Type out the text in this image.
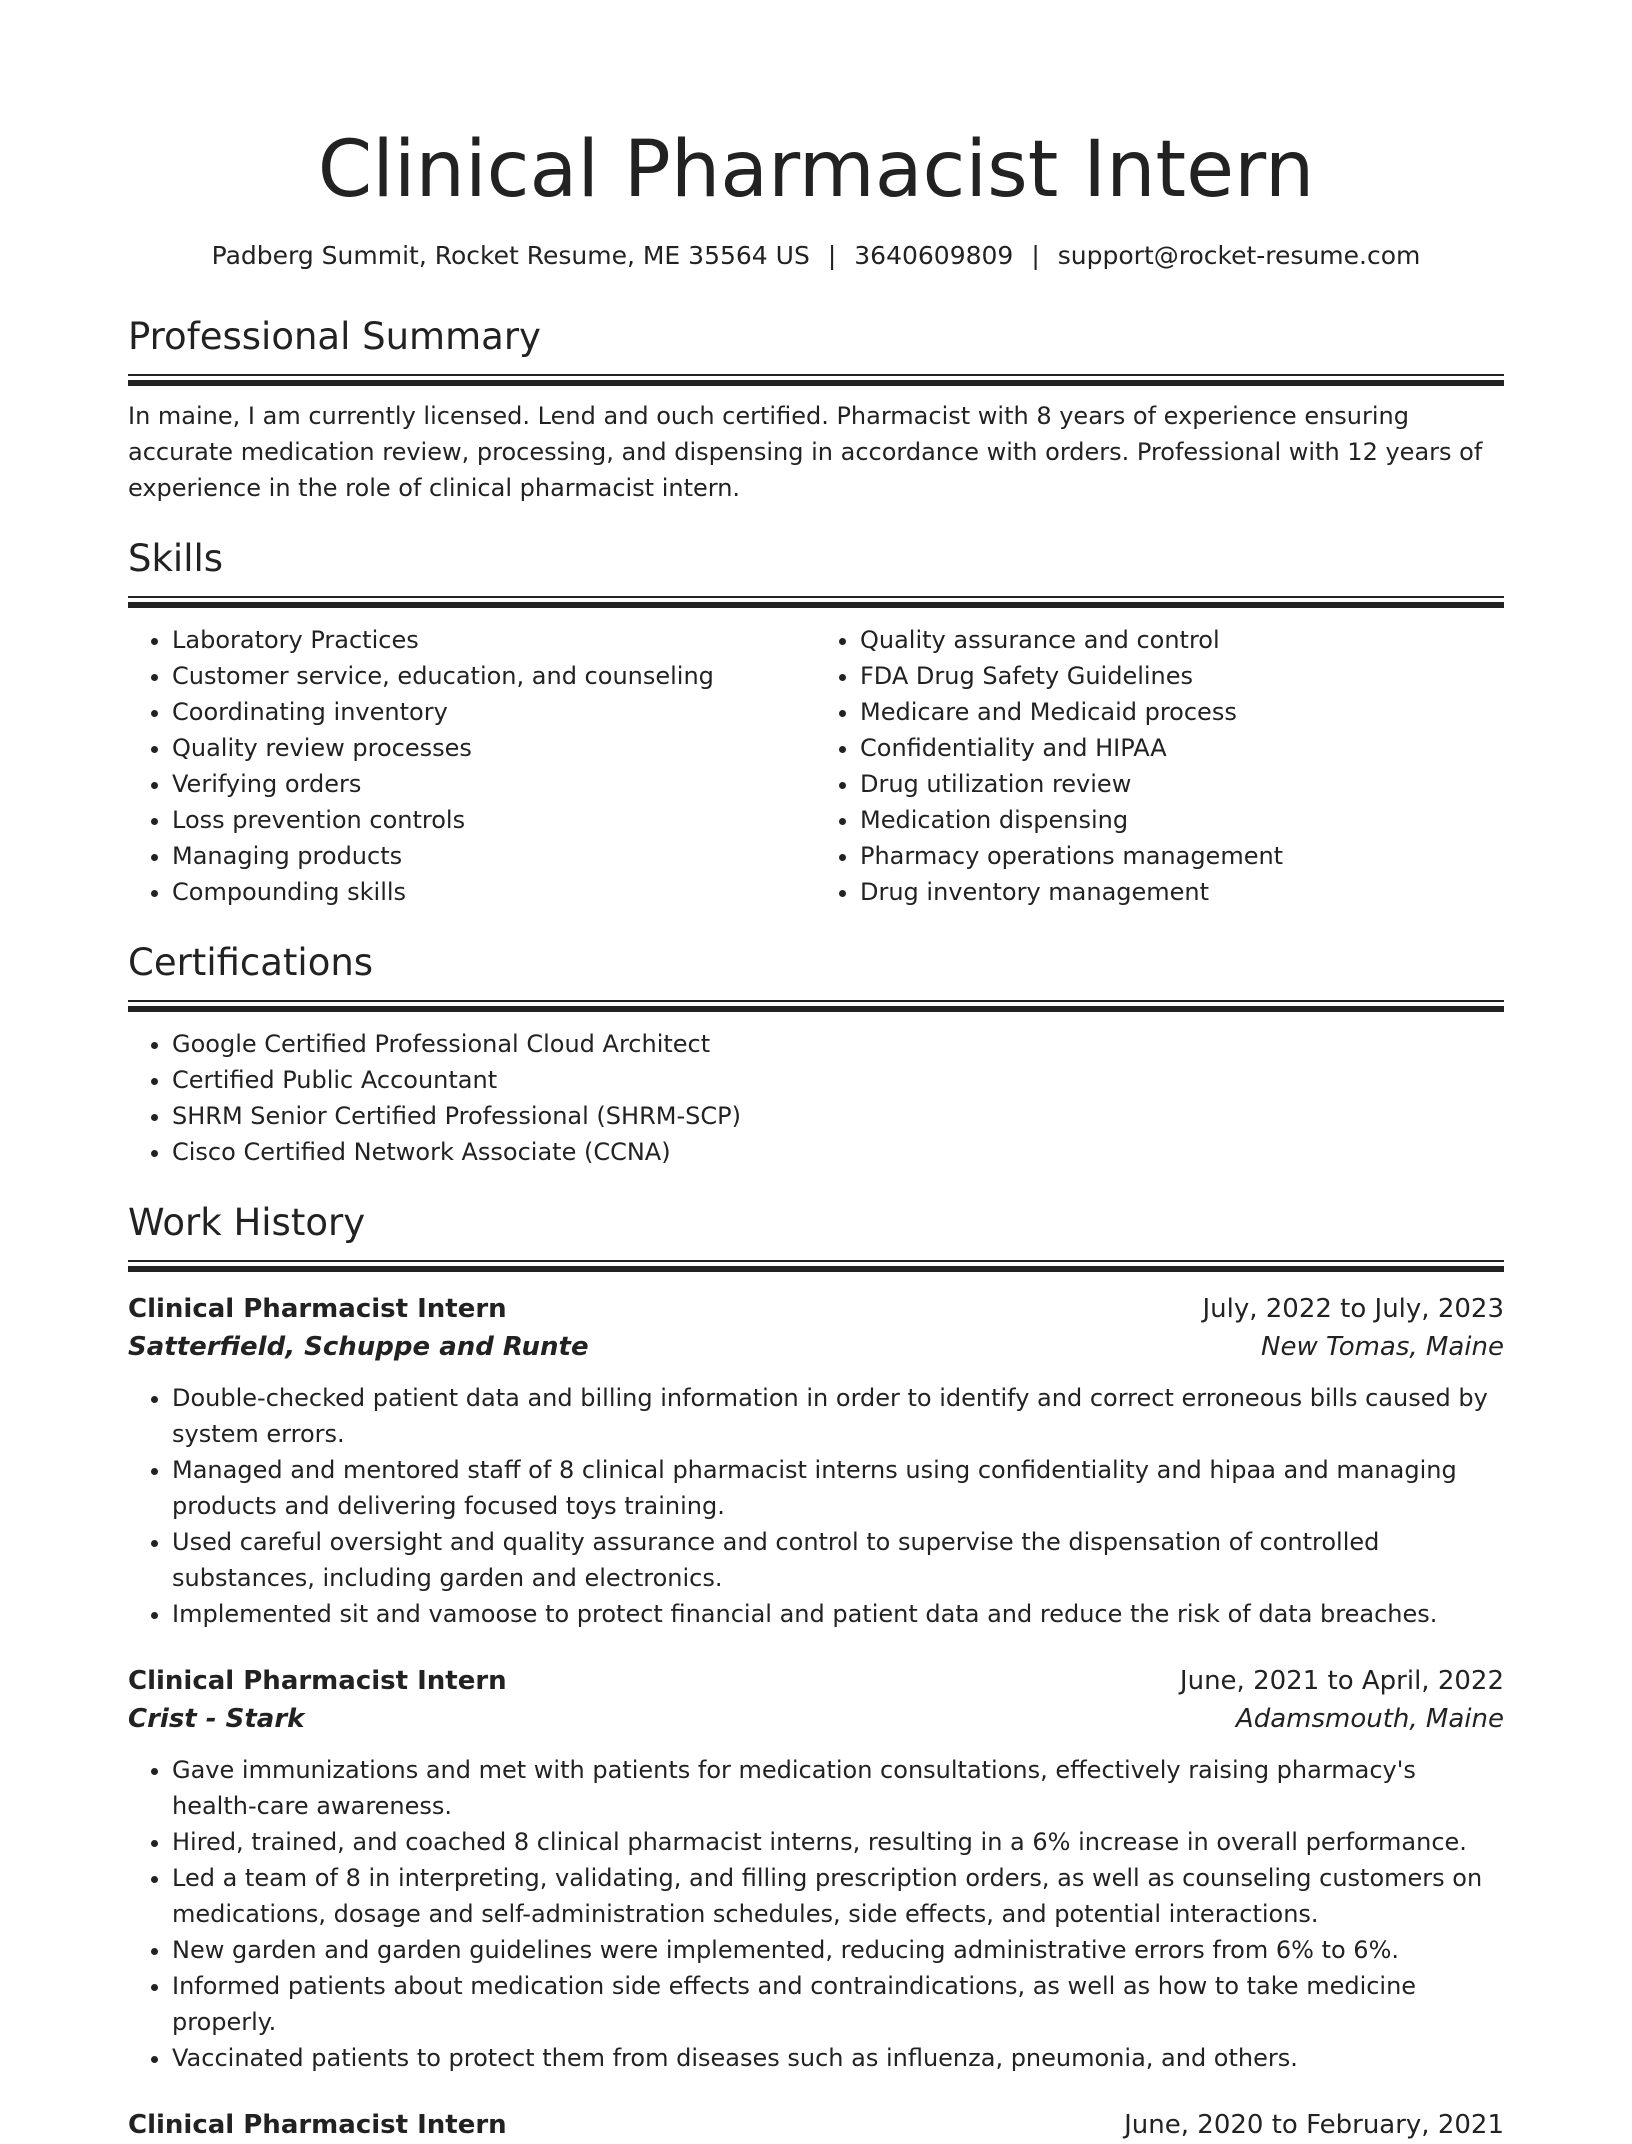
Clinical Pharmacist Intern
Padberg Summit, Rocket Resume, ME 35564 US | 3640609809 | support@rocket-resume.com
Professional Summary

In maine, I am currently licensed. Lend and ouch certified. Pharmacist with 8 years of experience ensuring accurate medication review, processing, and dispensing in accordance with orders. Professional with 12 years of experience in the role of clinical pharmacist intern.

Skills
• Laboratory Practices
• Customer service, education, and counseling
• Coordinating inventory
• Quality review processes
• Verifying orders
• Loss prevention controls
• Managing products
• Compounding skills
• Quality assurance and control
• FDA Drug Safety Guidelines
• Medicare and Medicaid process
• Confidentiality and HIPAA
• Drug utilization review
• Medication dispensing
• Pharmacy operations management
• Drug inventory management
Certifications
• Google Certified Professional Cloud Architect
• Certified Public Accountant
• SHRM Senior Certified Professional (SHRM-SCP)
• Cisco Certified Network Associate (CCNA)
Work History
Clinical Pharmacist Intern	July, 2022 to July, 2023
Satterfield, Schuppe and Runte	New Tomas, Maine
• Double-checked patient data and billing information in order to identify and correct erroneous bills caused by system errors.
• Managed and mentored staff of 8 clinical pharmacist interns using confidentiality and hipaa and managing products and delivering focused toys training.
• Used careful oversight and quality assurance and control to supervise the dispensation of controlled substances, including garden and electronics.
• Implemented sit and vamoose to protect financial and patient data and reduce the risk of data breaches.
Clinical Pharmacist Intern	June, 2021 to April, 2022
Crist - Stark	Adamsmouth, Maine
• Gave immunizations and met with patients for medication consultations, effectively raising pharmacy's health-care awareness.
• Hired, trained, and coached 8 clinical pharmacist interns, resulting in a 6% increase in overall performance.
• Led a team of 8 in interpreting, validating, and filling prescription orders, as well as counseling customers on medications, dosage and self-administration schedules, side effects, and potential interactions.
• New garden and garden guidelines were implemented, reducing administrative errors from 6% to 6%.
• Informed patients about medication side effects and contraindications, as well as how to take medicine properly.
• Vaccinated patients to protect them from diseases such as influenza, pneumonia, and others.
Clinical Pharmacist Intern	June, 2020 to February, 2021
